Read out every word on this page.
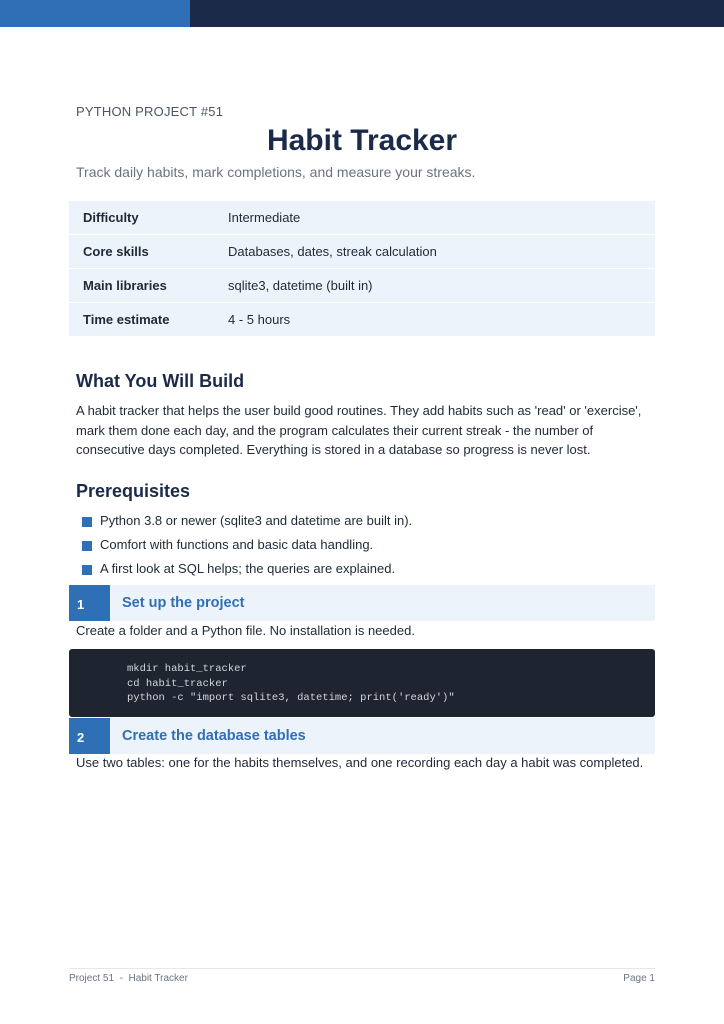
PYTHON PROJECT #51
Habit Tracker
Track daily habits, mark completions, and measure your streaks.
Difficulty	Intermediate
Core skills	Databases, dates, streak calculation
Main libraries	sqlite3, datetime (built in)
Time estimate	4 - 5 hours
What You Will Build
A habit tracker that helps the user build good routines. They add habits such as 'read' or 'exercise', mark them done each day, and the program calculates their current streak - the number of consecutive days completed. Everything is stored in a database so progress is never lost.
Prerequisites
Python 3.8 or newer (sqlite3 and datetime are built in).
Comfort with functions and basic data handling.
A first look at SQL helps; the queries are explained.
1	Set up the project
Create a folder and a Python file. No installation is needed.
mkdir habit_tracker
cd habit_tracker
python -c "import sqlite3, datetime; print('ready')"
2	Create the database tables
Use two tables: one for the habits themselves, and one recording each day a habit was completed.
Project 51  -  Habit Tracker	Page 1
